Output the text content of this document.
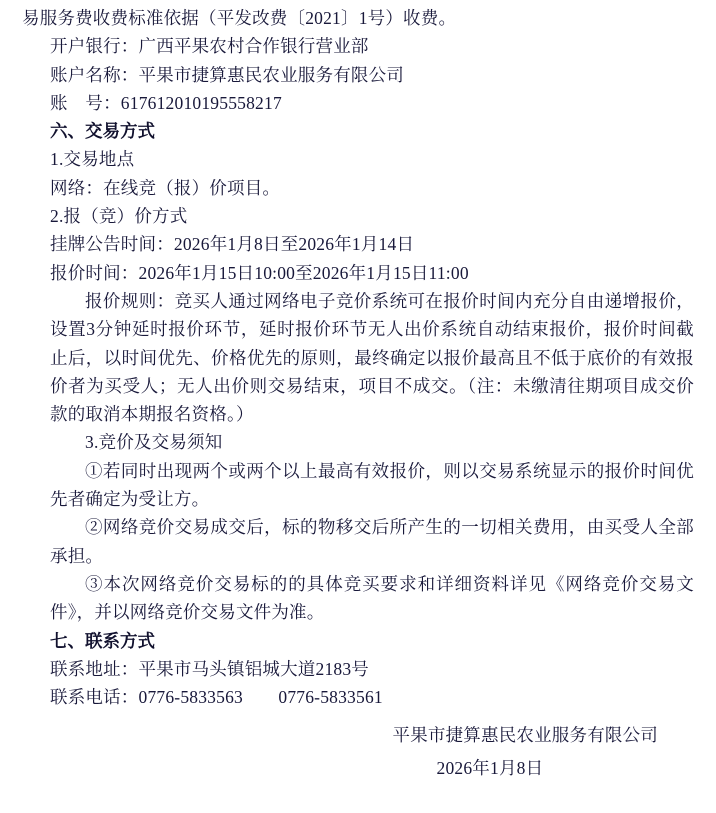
易服务费收费标准依据（平发改费〔2021〕1号）收费。
开户银行：广西平果农村合作银行营业部
账户名称：平果市捷算惠民农业服务有限公司
账　号：617612010195558217
六、交易方式
1.交易地点
网络：在线竞（报）价项目。
2.报（竞）价方式
挂牌公告时间：2026年1月8日至2026年1月14日
报价时间：2026年1月15日10:00至2026年1月15日11:00
报价规则：竞买人通过网络电子竞价系统可在报价时间内充分自由递增报价，设置3分钟延时报价环节，延时报价环节无人出价系统自动结束报价，报价时间截止后，以时间优先、价格优先的原则，最终确定以报价最高且不低于底价的有效报价者为买受人；无人出价则交易结束，项目不成交。（注：未缴清往期项目成交价款的取消本期报名资格。）
3.竞价及交易须知
①若同时出现两个或两个以上最高有效报价，则以交易系统显示的报价时间优先者确定为受让方。
②网络竞价交易成交后，标的物移交后所产生的一切相关费用，由买受人全部承担。
③本次网络竞价交易标的的具体竞买要求和详细资料详见《网络竞价交易文件》，并以网络竞价交易文件为准。
七、联系方式
联系地址：平果市马头镇铝城大道2183号
联系电话：0776-5833563　　0776-5833561
平果市捷算惠民农业服务有限公司
2026年1月8日
